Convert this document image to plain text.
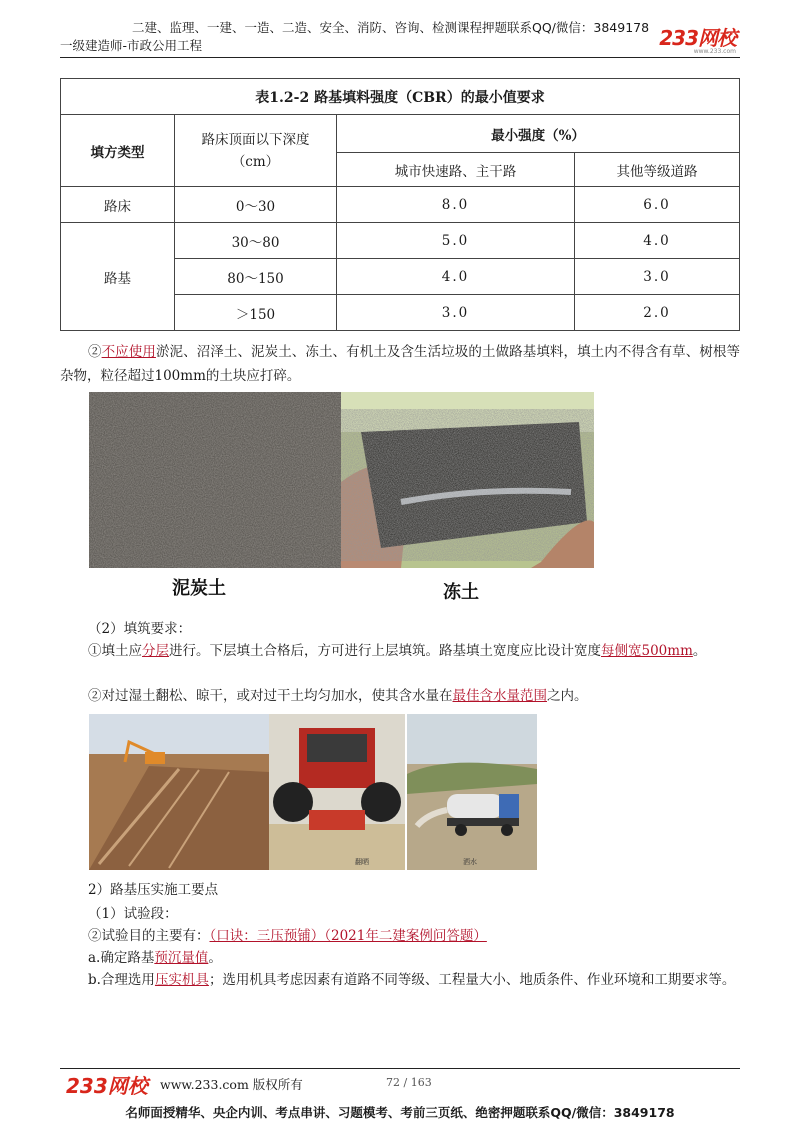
二建、监理、一建、一造、二造、安全、消防、咨询、检测课程押题联系QQ/微信：3849178
一级建造师-市政公用工程	233网校
www.233.com
表1.2-2 路基填料强度（CBR）的最小值要求			
填方类型	路床顶面以下深度（cm）	最小强度（%）	
		城市快速路、主干路	其他等级道路
路床	0～30	8.0	6.0
路基	30～80	5.0	4.0
	80～150	4.0	3.0
	＞150	3.0	2.0

②不应使用淤泥、沼泽土、泥炭土、冻土、有机土及含生活垃圾的土做路基填料，填土内不得含有草、树根等杂物，粒径超过100mm的土块应打碎。

泥炭土	冻土

（2）填筑要求：

①填土应分层进行。下层填土合格后，方可进行上层填筑。路基填土宽度应比设计宽度每侧宽500mm。

②对过湿土翻松、晾干，或对过干土均匀加水，使其含水量在最佳含水量范围之内。

翻晒	洒水

2）路基压实施工要点

（1）试验段：

②试验目的主要有：（口诀：三压预铺）（2021年二建案例问答题）

a.确定路基预沉量值。

b.合理选用压实机具；选用机具考虑因素有道路不同等级、工程量大小、地质条件、作业环境和工期要求等。

233网校 www.233.com 版权所有	72 / 163
名师面授精华、央企内训、考点串讲、习题模考、考前三页纸、绝密押题联系QQ/微信：3849178
